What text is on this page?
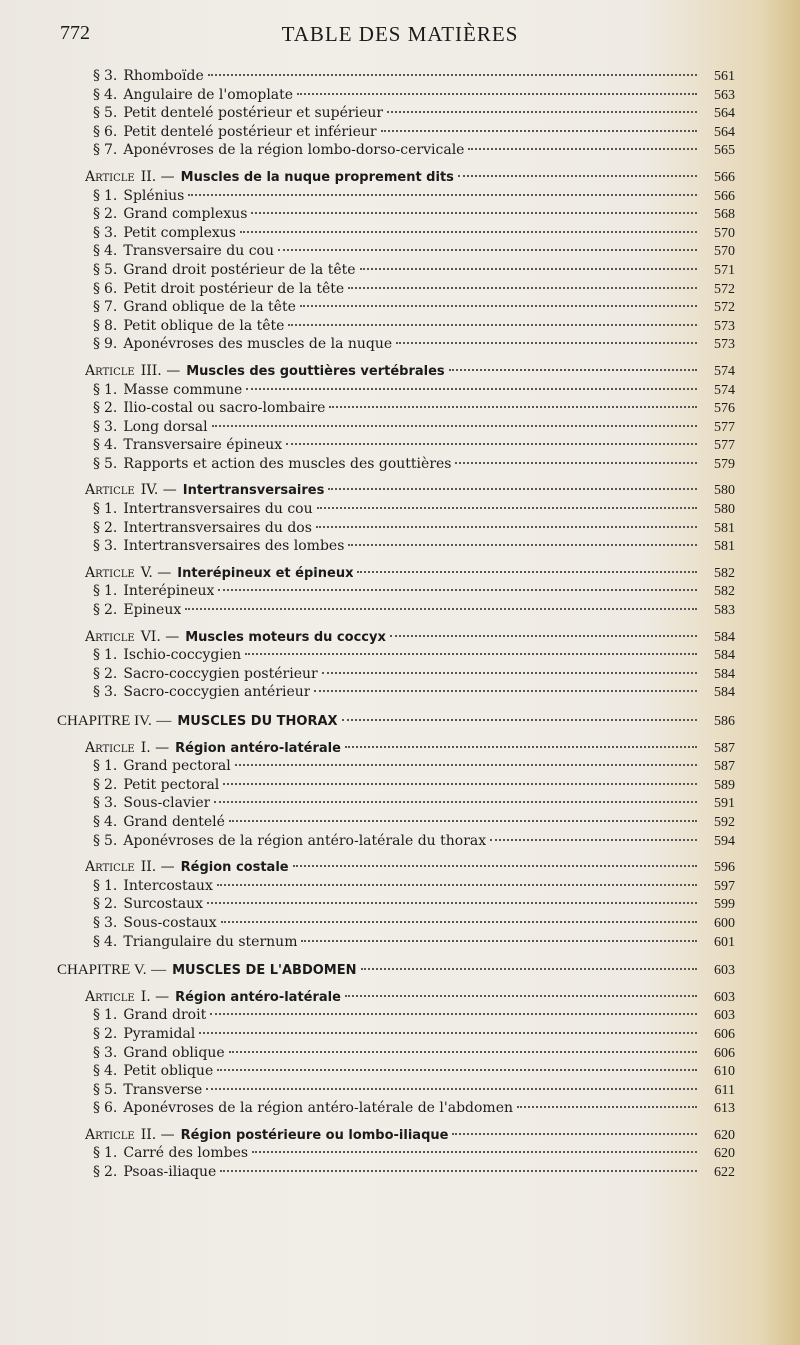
772	TABLE DES MATIÈRES
§ 3. Rhomboïde	561
§ 4. Angulaire de l'omoplate	563
§ 5. Petit dentelé postérieur et supérieur	564
§ 6. Petit dentelé postérieur et inférieur	564
§ 7. Aponévroses de la région lombo-dorso-cervicale	565
Article II. — Muscles de la nuque proprement dits	566
§ 1. Splénius	566
§ 2. Grand complexus	568
§ 3. Petit complexus	570
§ 4. Transversaire du cou	570
§ 5. Grand droit postérieur de la tête	571
§ 6. Petit droit postérieur de la tête	572
§ 7. Grand oblique de la tête	572
§ 8. Petit oblique de la tête	573
§ 9. Aponévroses des muscles de la nuque	573
Article III. — Muscles des gouttières vertébrales	574
§ 1. Masse commune	574
§ 2. Ilio-costal ou sacro-lombaire	576
§ 3. Long dorsal	577
§ 4. Transversaire épineux	577
§ 5. Rapports et action des muscles des gouttières	579
Article IV. — Intertransversaires	580
§ 1. Intertransversaires du cou	580
§ 2. Intertransversaires du dos	581
§ 3. Intertransversaires des lombes	581
Article V. — Interépineux et épineux	582
§ 1. Interépineux	582
§ 2. Epineux	583
Article VI. — Muscles moteurs du coccyx	584
§ 1. Ischio-coccygien	584
§ 2. Sacro-coccygien postérieur	584
§ 3. Sacro-coccygien antérieur	584
CHAPITRE IV. — MUSCLES DU THORAX	586
Article I. — Région antéro-latérale	587
§ 1. Grand pectoral	587
§ 2. Petit pectoral	589
§ 3. Sous-clavier	591
§ 4. Grand dentelé	592
§ 5. Aponévroses de la région antéro-latérale du thorax	594
Article II. — Région costale	596
§ 1. Intercostaux	597
§ 2. Surcostaux	599
§ 3. Sous-costaux	600
§ 4. Triangulaire du sternum	601
CHAPITRE V. — MUSCLES DE L'ABDOMEN	603
Article I. — Région antéro-latérale	603
§ 1. Grand droit	603
§ 2. Pyramidal	606
§ 3. Grand oblique	606
§ 4. Petit oblique	610
§ 5. Transverse	611
§ 6. Aponévroses de la région antéro-latérale de l'abdomen	613
Article II. — Région postérieure ou lombo-iliaque	620
§ 1. Carré des lombes	620
§ 2. Psoas-iliaque	622
